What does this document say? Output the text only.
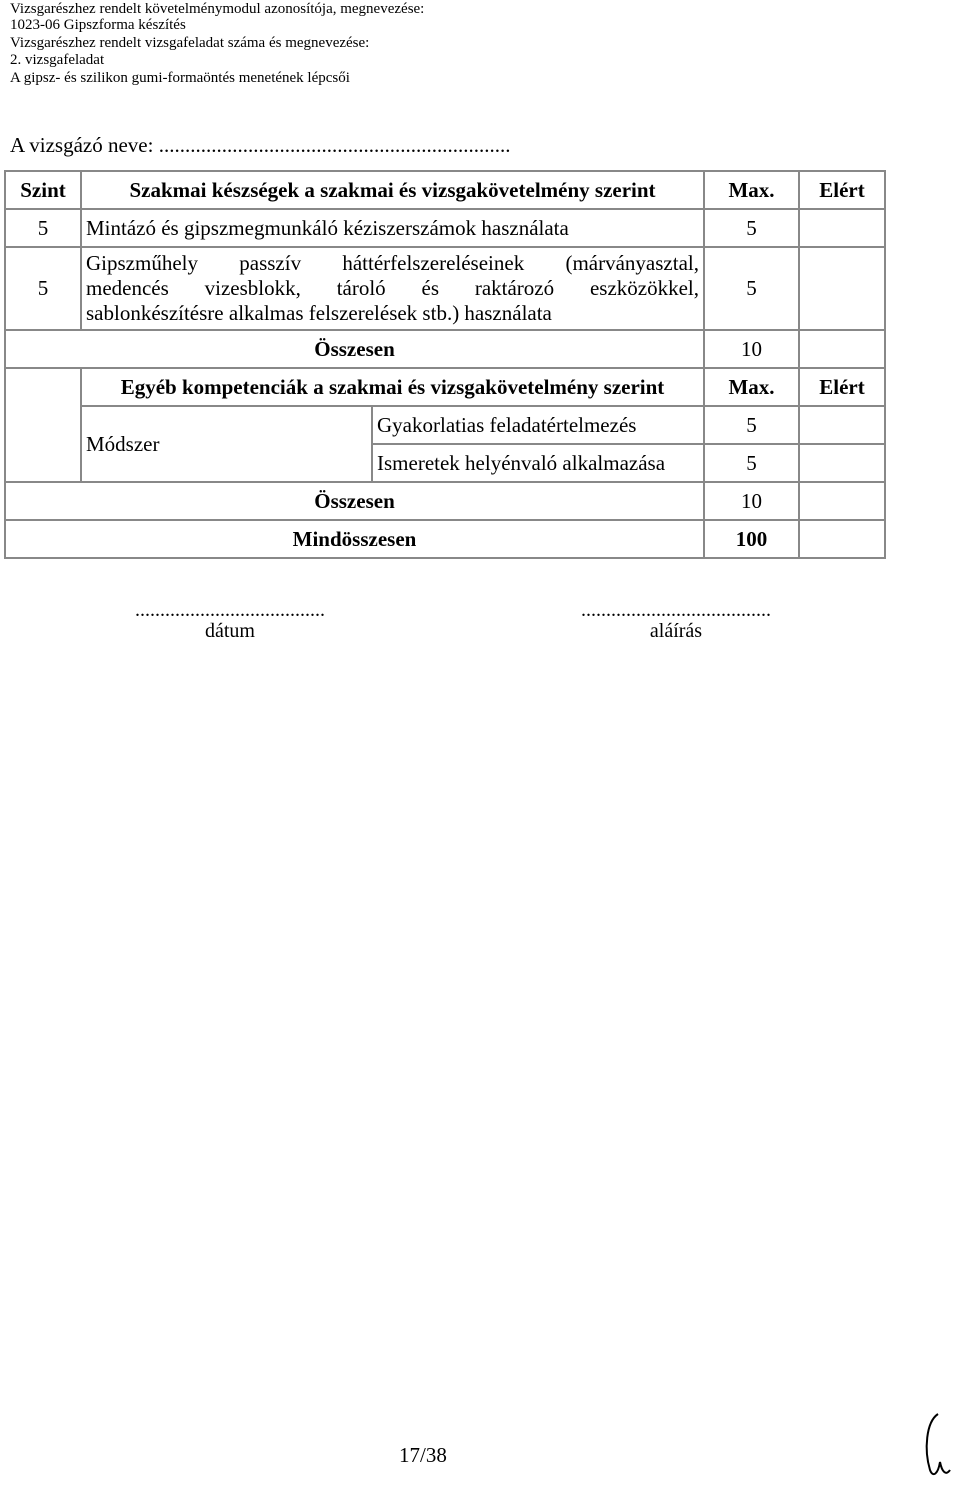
Vizsgarészhez rendelt követelménymodul azonosítója, megnevezése:
1023-06 Gipszforma készítés
Vizsgarészhez rendelt vizsgafeladat száma és megnevezése:
2. vizsgafeladat
A gipsz- és szilikon gumi-formaöntés menetének lépcsői
A vizsgázó neve: ...................................................................
Szint	Szakmai készségek a szakmai és vizsgakövetelmény szerint		Max.	Elért
5	Mintázó és gipszmegmunkáló kéziszerszámok használata		5	
5	Gipszműhely passzív háttérfelszereléseinek (márványasztal,
medencés vizesblokk, tároló és raktározó eszközökkel,
sablonkészítésre alkalmas felszerelések stb.) használata		5	
Összesen			10	
	Egyéb kompetenciák a szakmai és vizsgakövetelmény szerint		Max.	Elért
	Módszer	Gyakorlatias feladatértelmezés	5	
		Ismeretek helyénvaló alkalmazása	5	
Összesen			10	
Mindösszesen			100	
......................................
dátum
......................................
aláírás
17/38
